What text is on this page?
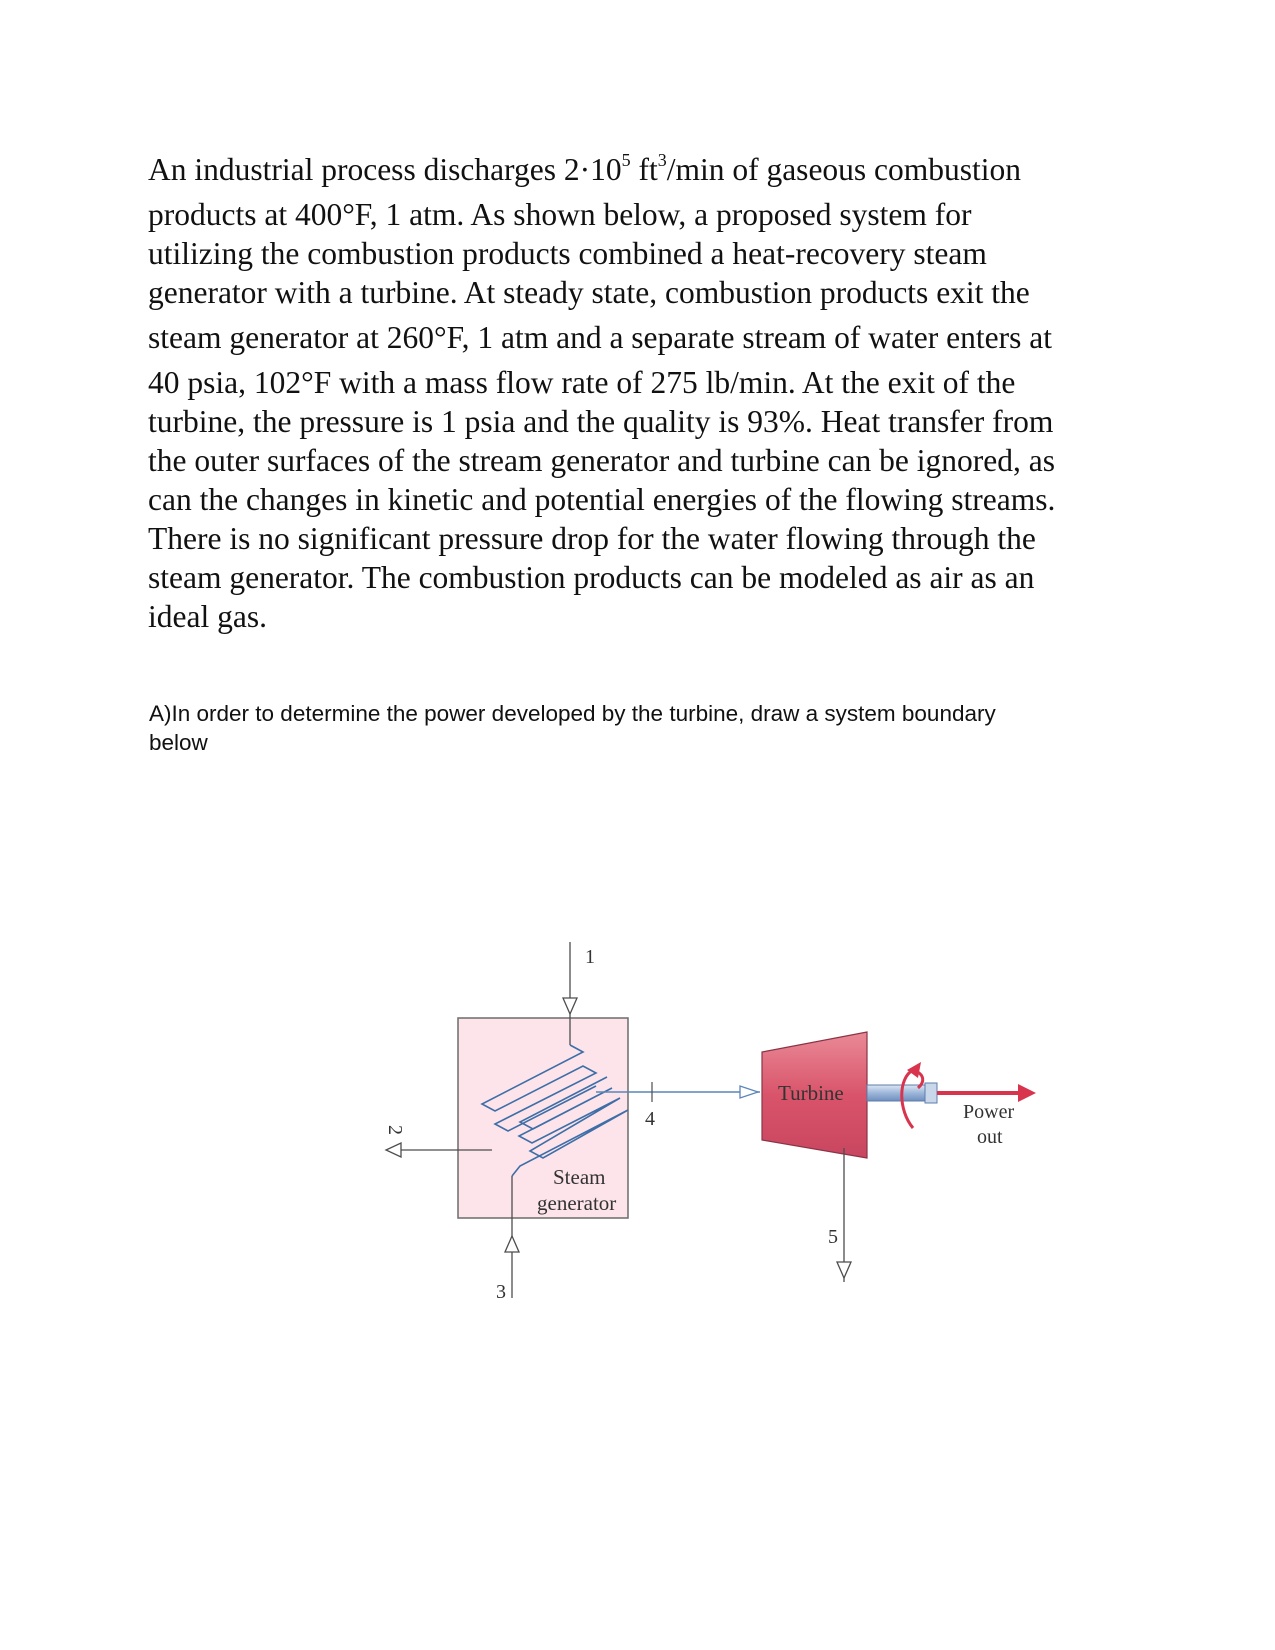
An industrial process discharges $2\cdot 10^5$ $ft^3/\min$ of gaseous combustion
products at 400°F, 1 atm. As shown below, a proposed system for
utilizing the combustion products combined a heat-recovery steam
generator with a turbine. At steady state, combustion products exit the
steam generator at 260°F, 1 atm and a separate stream of water enters at
40 psia, 102°F with a mass flow rate of 275 lb/min. At the exit of the
turbine, the pressure is 1 psia and the quality is 93%. Heat transfer from
the outer surfaces of the stream generator and turbine can be ignored, as
can the changes in kinetic and potential energies of the flowing streams.
There is no significant pressure drop for the water flowing through the
steam generator. The combustion products can be modeled as air as an
ideal gas.
A)In order to determine the power developed by the turbine, draw a system boundary
below
1
2
3
4
5
Steam
generator
Turbine
Power
out
